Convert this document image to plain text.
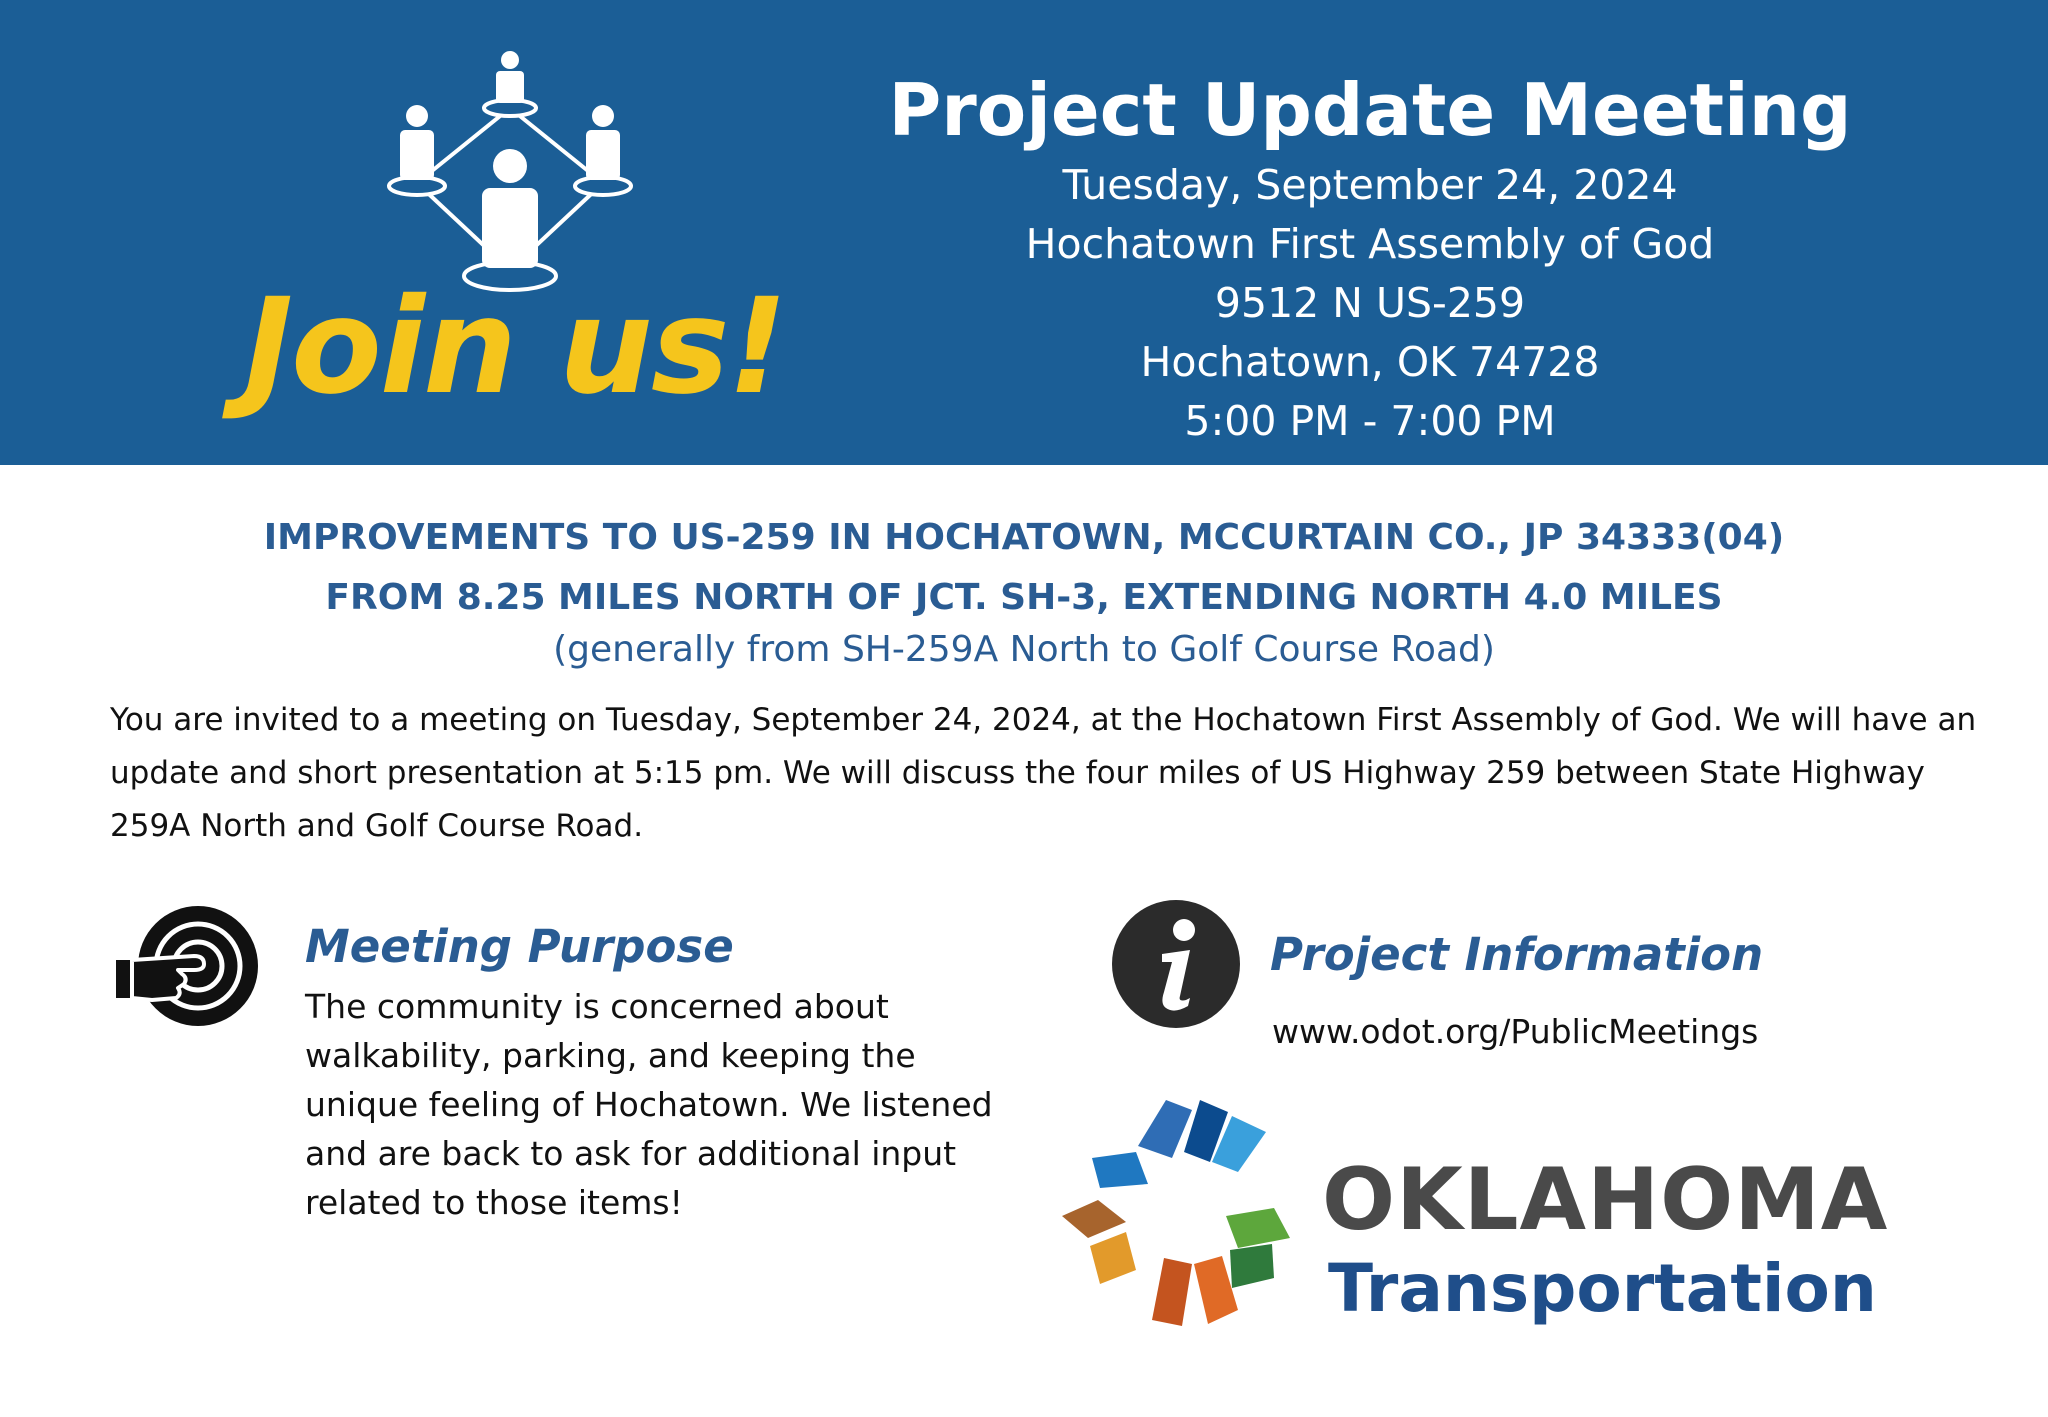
Join us!
Project Update Meeting
Tuesday, September 24, 2024
Hochatown First Assembly of God
9512 N US-259
Hochatown, OK 74728
5:00 PM - 7:00 PM
IMPROVEMENTS TO US-259 IN HOCHATOWN, MCCURTAIN CO., JP 34333(04)
FROM 8.25 MILES NORTH OF JCT. SH-3, EXTENDING NORTH 4.0 MILES
(generally from SH-259A North to Golf Course Road)
You are invited to a meeting on Tuesday, September 24, 2024, at the Hochatown First Assembly of God. We will have an update and short presentation at 5:15 pm. We will discuss the four miles of US Highway 259 between State Highway 259A North and Golf Course Road.
Meeting Purpose
The community is concerned about walkability, parking, and keeping the unique feeling of Hochatown. We listened and are back to ask for additional input related to those items!
Project Information
www.odot.org/PublicMeetings
OKLAHOMA
Transportation
